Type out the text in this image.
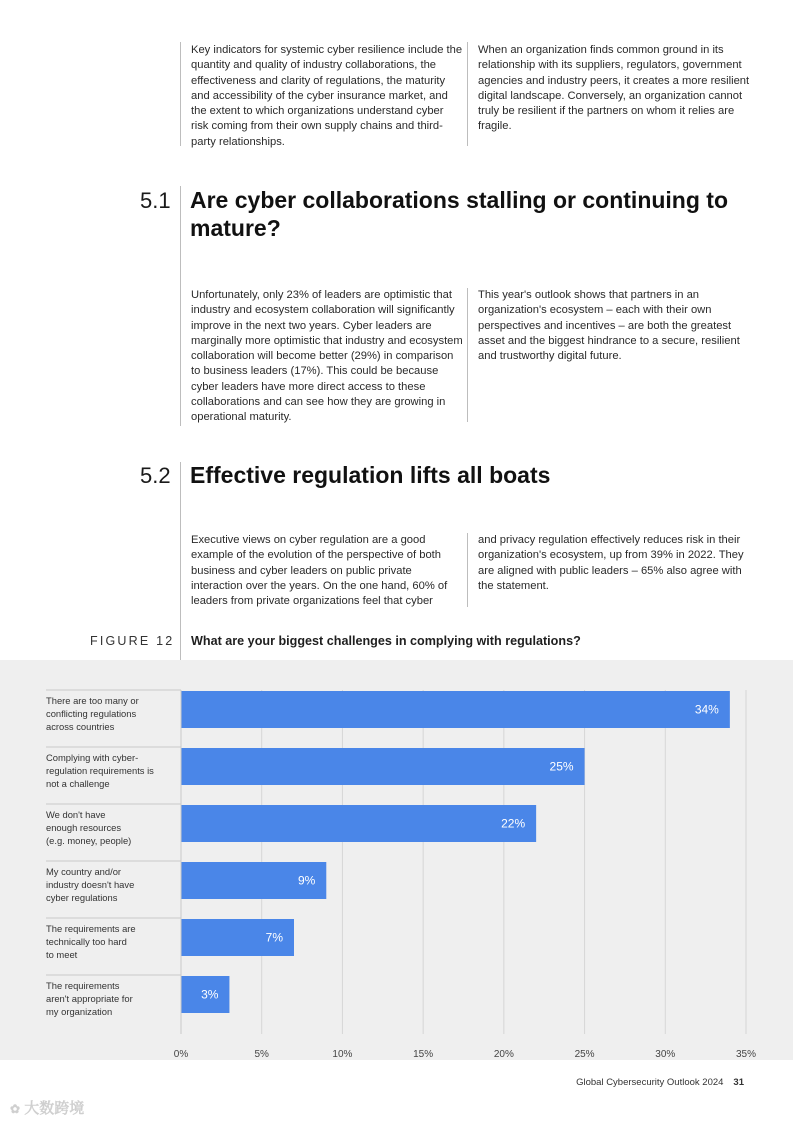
Key indicators for systemic cyber resilience include the quantity and quality of industry collaborations, the effectiveness and clarity of regulations, the maturity and accessibility of the cyber insurance market, and the extent to which organizations understand cyber risk coming from their own supply chains and third-party relationships.

When an organization finds common ground in its relationship with its suppliers, regulators, government agencies and industry peers, it creates a more resilient digital landscape. Conversely, an organization cannot truly be resilient if the partners on whom it relies are fragile.

5.1 Are cyber collaborations stalling or continuing to mature?

Unfortunately, only 23% of leaders are optimistic that industry and ecosystem collaboration will significantly improve in the next two years. Cyber leaders are marginally more optimistic that industry and ecosystem collaboration will become better (29%) in comparison to business leaders (17%). This could be because cyber leaders have more direct access to these collaborations and can see how they are growing in operational maturity.

This year's outlook shows that partners in an organization's ecosystem – each with their own perspectives and incentives – are both the greatest asset and the biggest hindrance to a secure, resilient and trustworthy digital future.

5.2 Effective regulation lifts all boats

Executive views on cyber regulation are a good example of the evolution of the perspective of both business and cyber leaders on public private interaction over the years. On the one hand, 60% of leaders from private organizations feel that cyber

and privacy regulation effectively reduces risk in their organization's ecosystem, up from 39% in 2022. They are aligned with public leaders – 65% also agree with the statement.

FIGURE 12 What are your biggest challenges in complying with regulations?
0%	5%	10%	15%	20%	25%	30%	35%
34%
There are too many or
conflicting regulations
across countries
25%
Complying with cyber-
regulation requirements is
not a challenge
22%
We don't have
enough resources
(e.g. money, people)
9%
My country and/or
industry doesn't have
cyber regulations
7%
The requirements are
technically too hard
to meet
3%
The requirements
aren't appropriate for
my organization
Global Cybersecurity Outlook 2024 31
✿ 大数跨境
